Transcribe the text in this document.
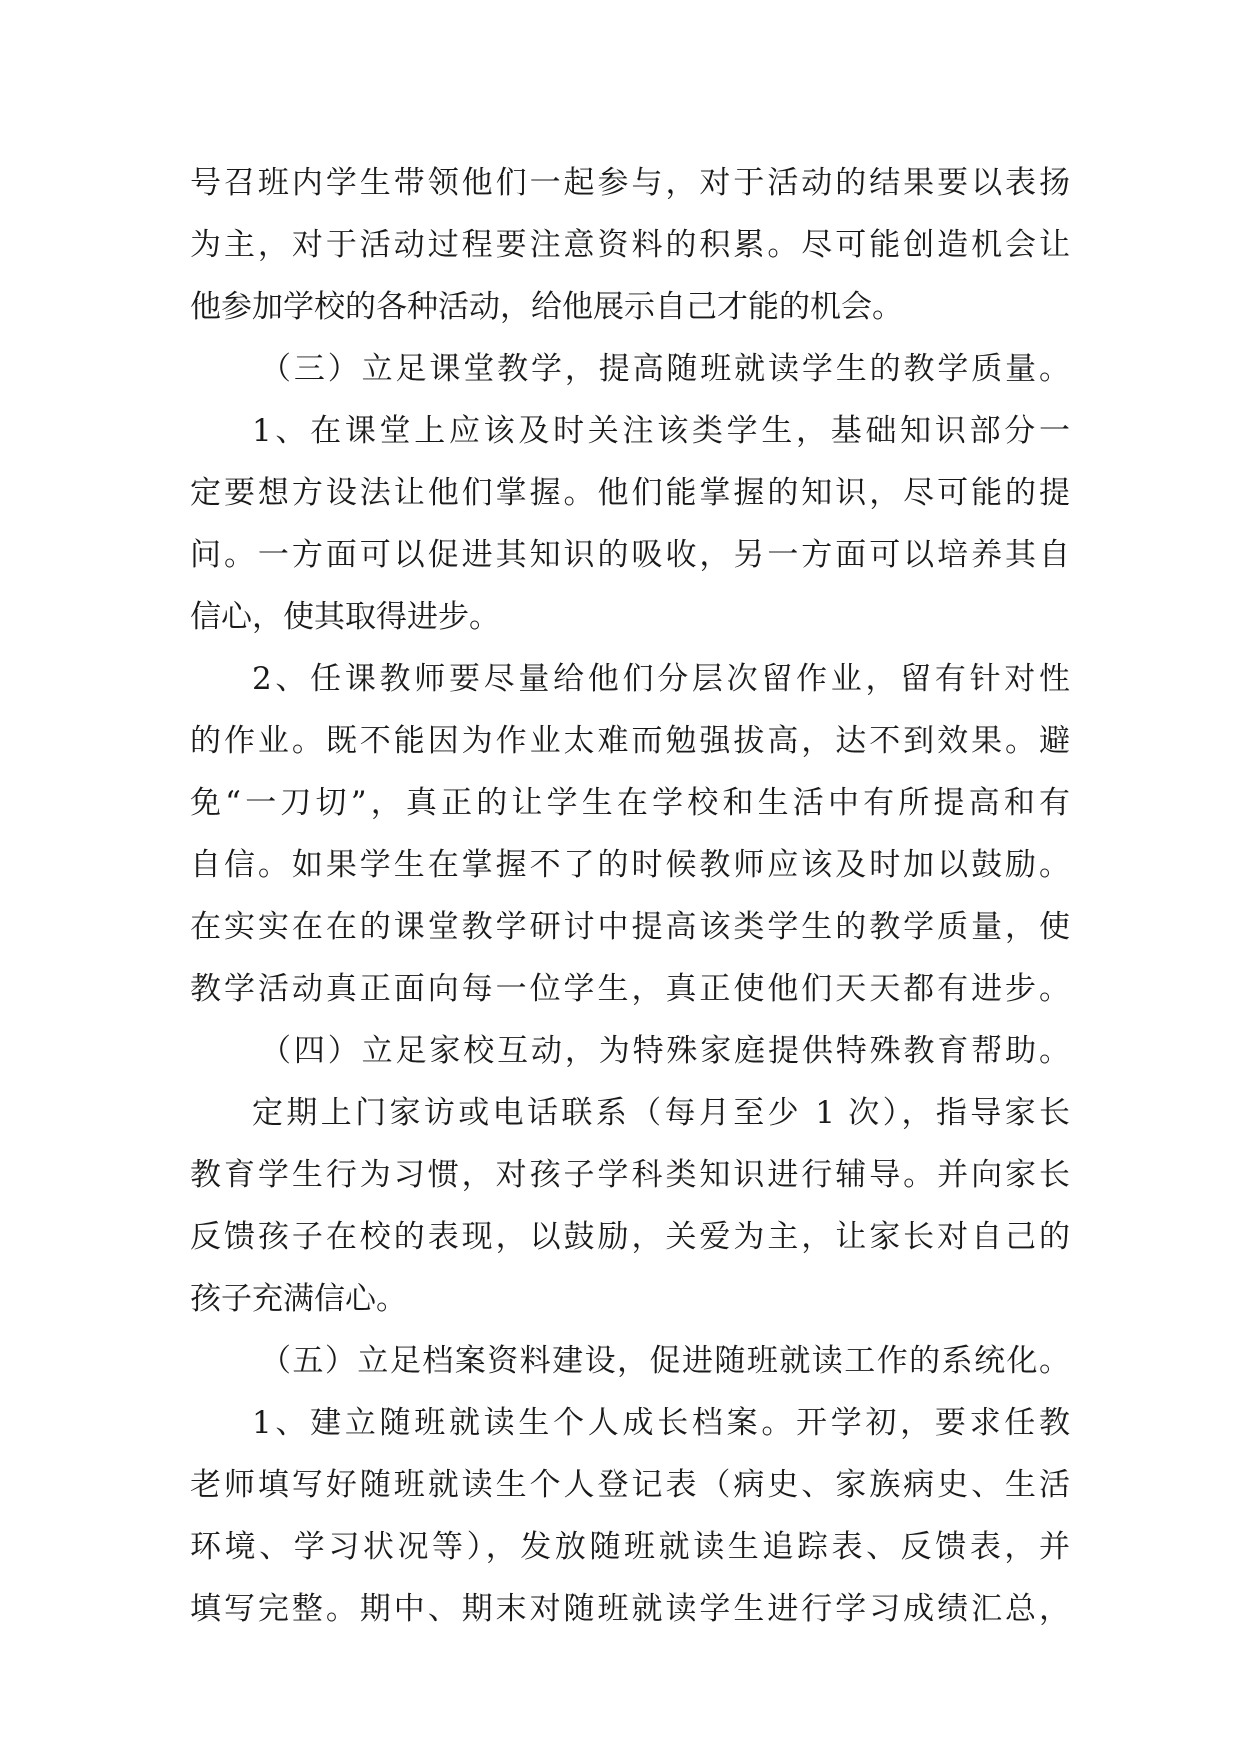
号召班内学生带领他们一起参与，对于活动的结果要以表扬
为主，对于活动过程要注意资料的积累。尽可能创造机会让
他参加学校的各种活动，给他展示自己才能的机会。
（三）立足课堂教学，提高随班就读学生的教学质量。
1、在课堂上应该及时关注该类学生，基础知识部分一
定要想方设法让他们掌握。他们能掌握的知识，尽可能的提
问。一方面可以促进其知识的吸收，另一方面可以培养其自
信心，使其取得进步。
2、任课教师要尽量给他们分层次留作业，留有针对性
的作业。既不能因为作业太难而勉强拔高，达不到效果。避
免“一刀切”，真正的让学生在学校和生活中有所提高和有
自信。如果学生在掌握不了的时候教师应该及时加以鼓励。
在实实在在的课堂教学研讨中提高该类学生的教学质量，使
教学活动真正面向每一位学生，真正使他们天天都有进步。
（四）立足家校互动，为特殊家庭提供特殊教育帮助。
定期上门家访或电话联系（每月至少 1 次），指导家长
教育学生行为习惯，对孩子学科类知识进行辅导。并向家长
反馈孩子在校的表现，以鼓励，关爱为主，让家长对自己的
孩子充满信心。
（五）立足档案资料建设，促进随班就读工作的系统化。
1、建立随班就读生个人成长档案。开学初，要求任教
老师填写好随班就读生个人登记表（病史、家族病史、生活
环境、学习状况等），发放随班就读生追踪表、反馈表，并
填写完整。期中、期末对随班就读学生进行学习成绩汇总，
